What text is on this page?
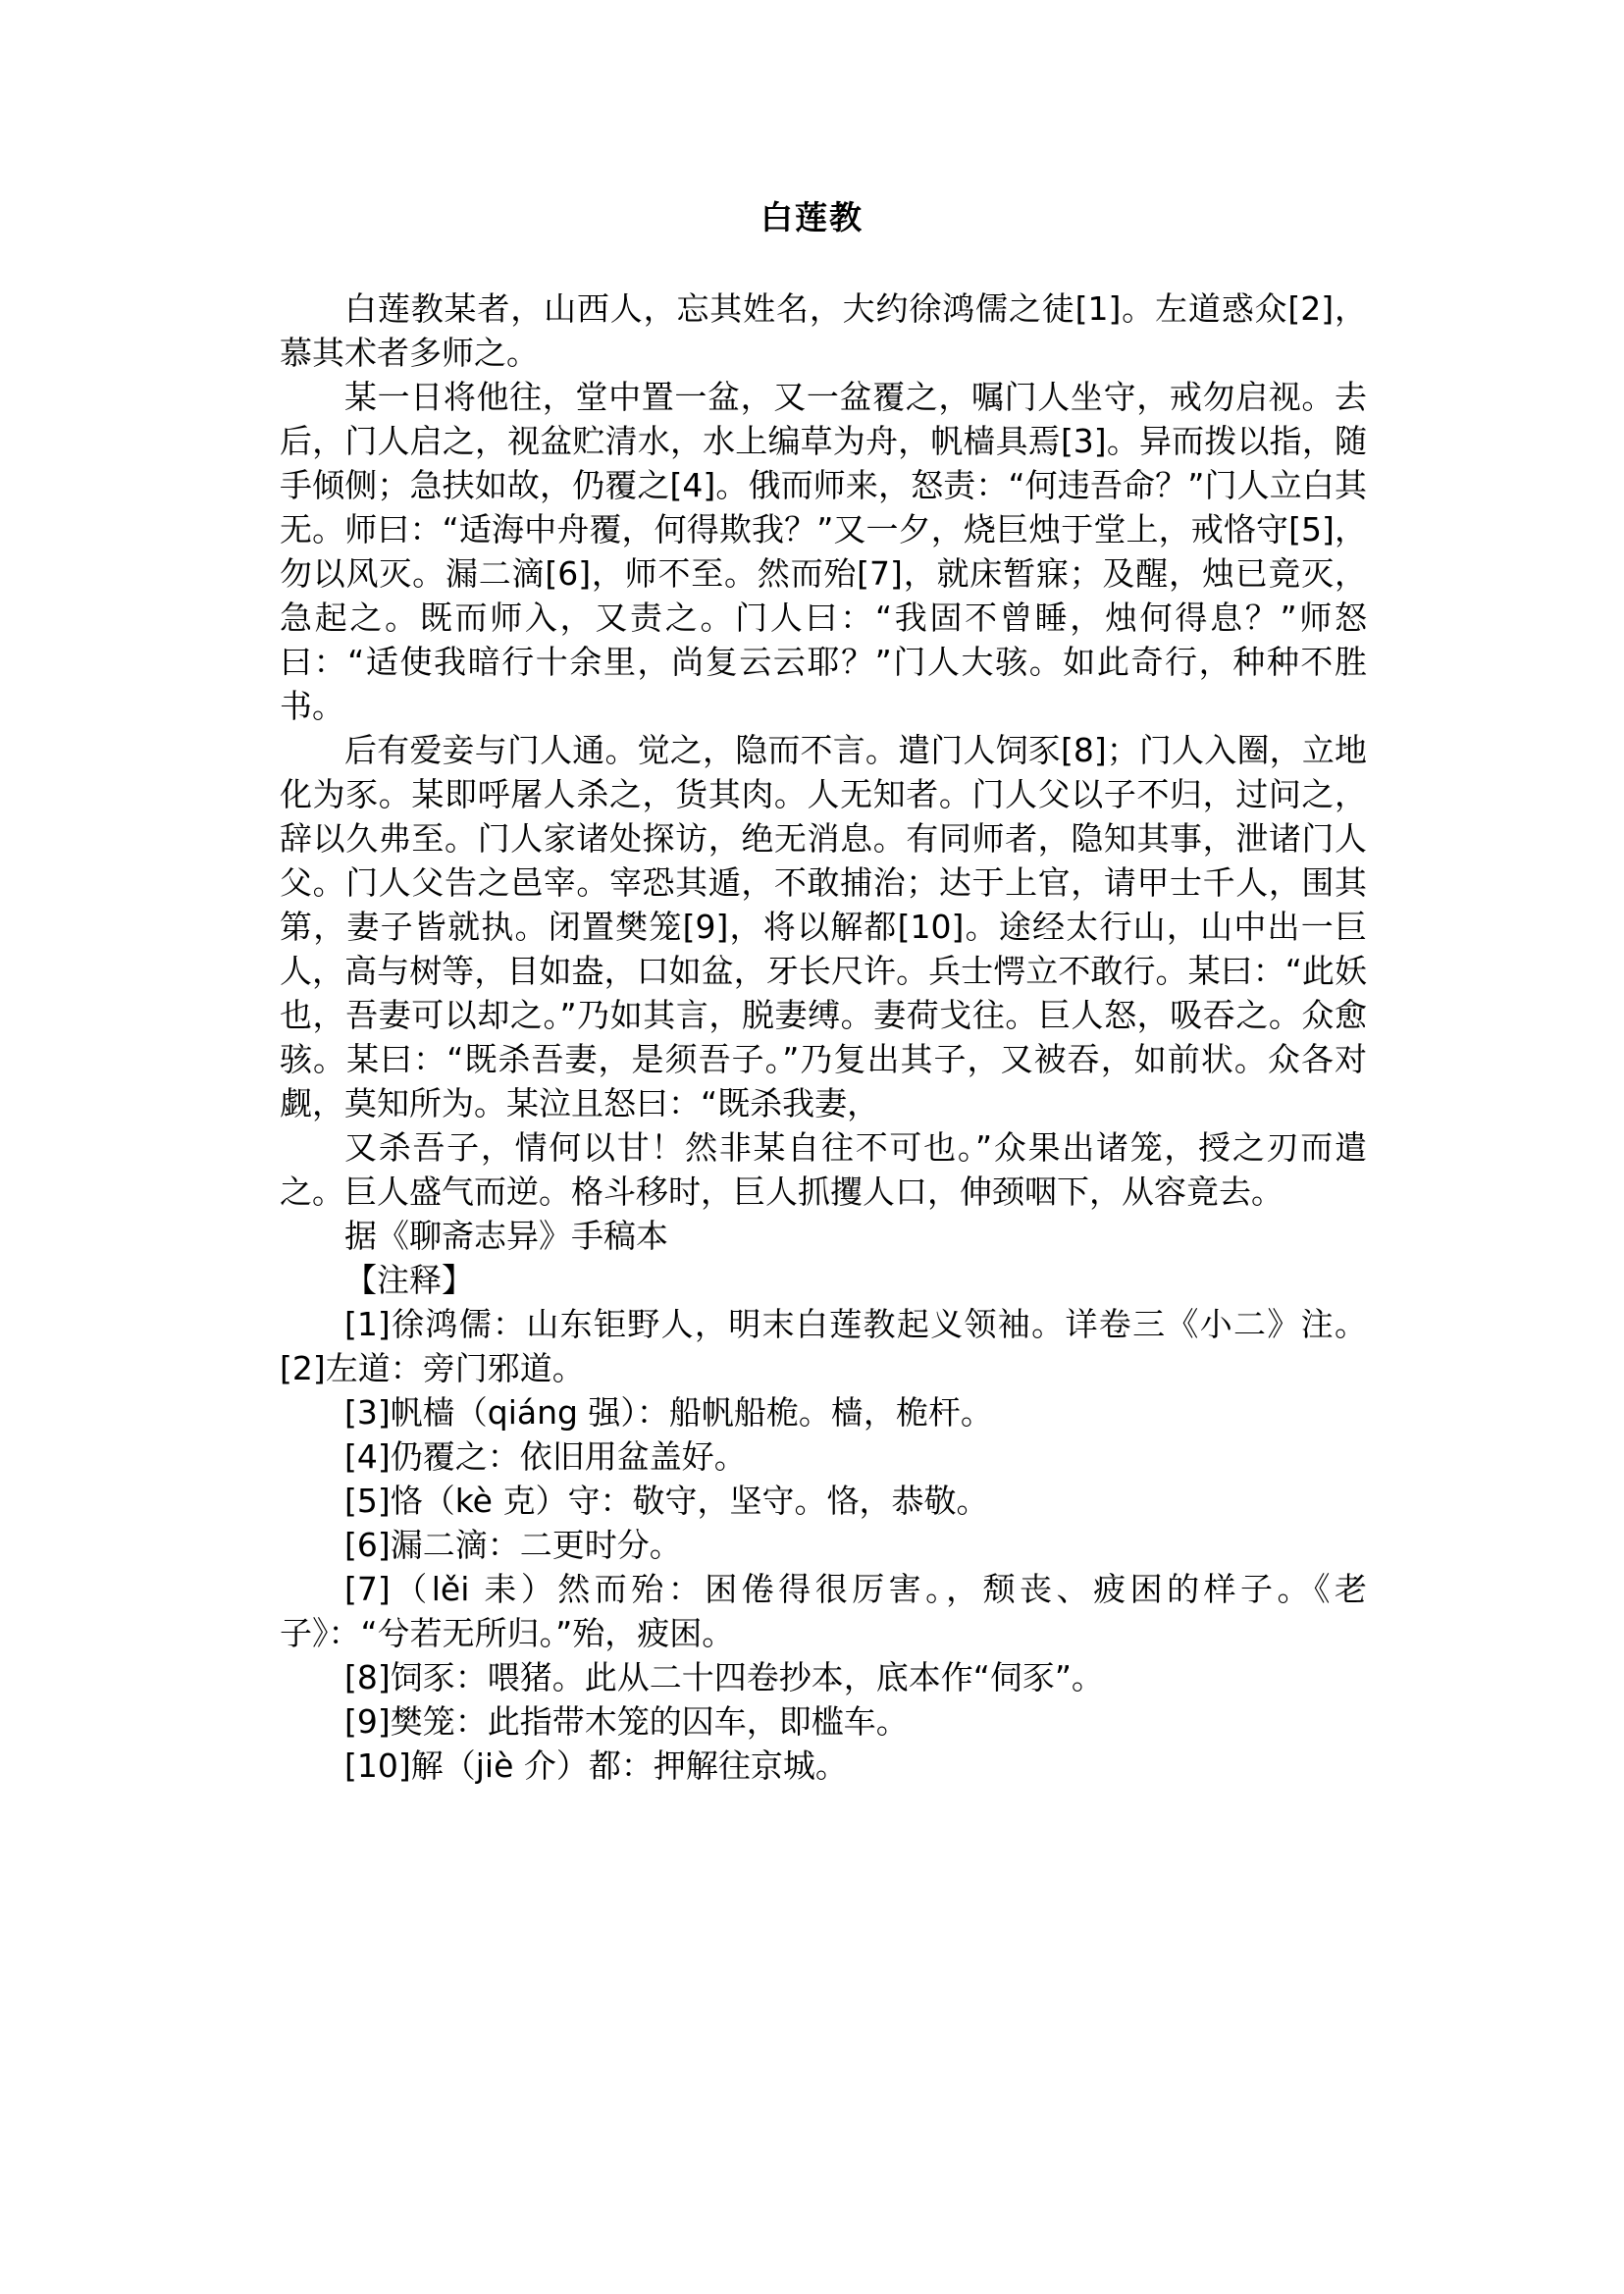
白莲教

白莲教某者，山西人，忘其姓名，大约徐鸿儒之徒[1]。左道惑众[2]，慕其术者多师之。

某一日将他往，堂中置一盆，又一盆覆之，嘱门人坐守，戒勿启视。去后，门人启之，视盆贮清水，水上编草为舟，帆樯具焉[3]。异而拨以指，随手倾侧；急扶如故，仍覆之[4]。俄而师来，怒责：“何违吾命？”门人立白其无。师曰：“适海中舟覆，何得欺我？”又一夕，烧巨烛于堂上，戒恪守[5]，勿以风灭。漏二滴[6]，师不至。然而殆[7]，就床暂寐；及醒，烛已竟灭，急起之。既而师入，又责之。门人曰：“我固不曾睡，烛何得息？”师怒曰：“适使我暗行十余里，尚复云云耶？”门人大骇。如此奇行，种种不胜书。

后有爱妾与门人通。觉之，隐而不言。遣门人饲豕[8]；门人入圈，立地化为豕。某即呼屠人杀之，货其肉。人无知者。门人父以子不归，过问之，辞以久弗至。门人家诸处探访，绝无消息。有同师者，隐知其事，泄诸门人父。门人父告之邑宰。宰恐其遁，不敢捕治；达于上官，请甲士千人，围其第，妻子皆就执。闭置樊笼[9]，将以解都[10]。途经太行山，山中出一巨人，高与树等，目如盎，口如盆，牙长尺许。兵士愕立不敢行。某曰：“此妖也，吾妻可以却之。”乃如其言，脱妻缚。妻荷戈往。巨人怒，吸吞之。众愈骇。某曰：“既杀吾妻，是须吾子。”乃复出其子，又被吞，如前状。众各对觑，莫知所为。某泣且怒曰：“既杀我妻，

又杀吾子，情何以甘！然非某自往不可也。”众果出诸笼，授之刃而遣之。巨人盛气而逆。格斗移时，巨人抓攫人口，伸颈咽下，从容竟去。

据《聊斋志异》手稿本

【注释】

[1]徐鸿儒：山东钜野人，明末白莲教起义领袖。详卷三《小二》注。[2]左道：旁门邪道。

[3]帆樯（qiáng 强）：船帆船桅。樯，桅杆。

[4]仍覆之：依旧用盆盖好。

[5]恪（kè 克）守：敬守，坚守。恪，恭敬。

[6]漏二滴：二更时分。

[7]（lěi 耒）然而殆：困倦得很厉害。，颓丧、疲困的样子。《老　　子》：“兮若无所归。”殆，疲困。

[8]饲豕：喂猪。此从二十四卷抄本，底本作“伺豕”。

[9]樊笼：此指带木笼的囚车，即槛车。

[10]解（jiè 介）都：押解往京城。
